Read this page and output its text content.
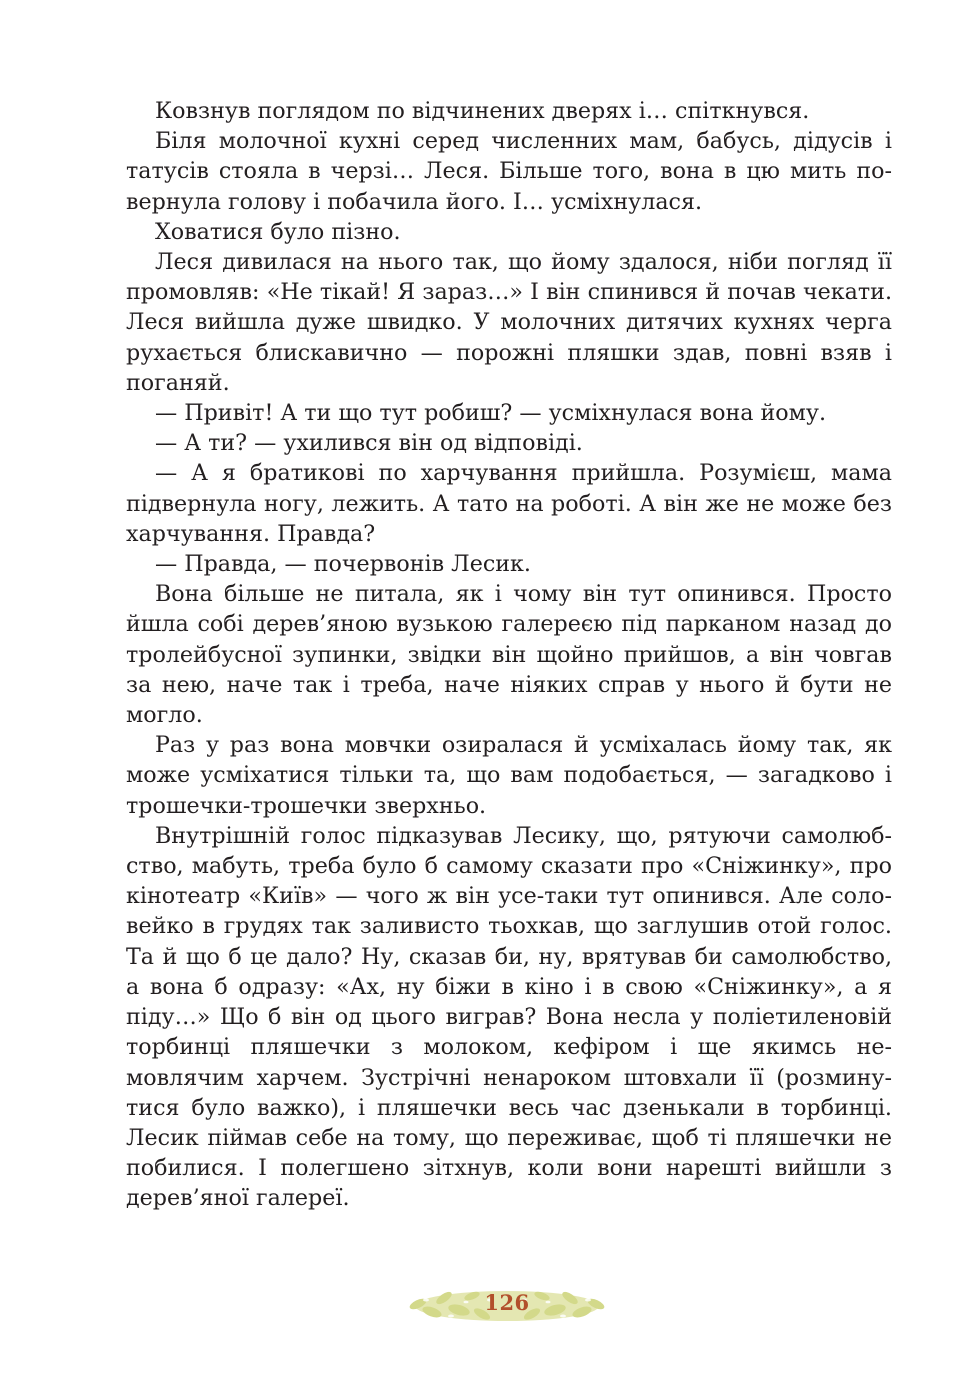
Ковзнув поглядом по відчинених дверях і… спіткнувся.

Біля молочної кухні серед численних мам, бабусь, дідусів і татусів стояла в черзі… Леся. Більше того, вона в цю мить повернула голову і побачила його. І… усміхнулася.

Ховатися було пізно.

Леся дивилася на нього так, що йому здалося, ніби погляд її промовляв: «Не тікай! Я зараз…» І він спинився й почав чекати. Леся вийшла дуже швидко. У молочних дитячих кухнях черга рухається блискавично — порожні пляшки здав, повні взяв і поганяй.

— Привіт! А ти що тут робиш? — усміхнулася вона йому.

— А ти? — ухилився він од відповіді.

— А я братикові по харчування прийшла. Розумієш, мама підвернула ногу, лежить. А тато на роботі. А він же не може без харчування. Правда?

— Правда, — почервонів Лесик.

Вона більше не питала, як і чому він тут опинився. Просто йшла собі дерев’яною вузькою галереєю під парканом назад до тролейбусної зупинки, звідки він щойно прийшов, а він човгав за нею, наче так і треба, наче ніяких справ у нього й бути не могло.

Раз у раз вона мовчки озиралася й усміхалась йому так, як може усміхатися тільки та, що вам подобається, — загадково і трошечки-трошечки зверхньо.

Внутрішній голос підказував Лесику, що, рятуючи самолюбство, мабуть, треба було б самому сказати про «Сніжинку», про кінотеатр «Київ» — чого ж він усе-таки тут опинився. Але соловейко в грудях так заливисто тьохкав, що заглушив отой голос. Та й що б це дало? Ну, сказав би, ну, врятував би самолюбство, а вона б одразу: «Ах, ну біжи в кіно і в свою «Сніжинку», а я піду…» Що б він од цього виграв? Вона несла у поліетиленовій торбинці пляшечки з молоком, кефіром і ще якимсь немовлячим харчем. Зустрічні ненароком штовхали її (розминутися було важко), і пляшечки весь час дзенькали в торбинці. Лесик піймав себе на тому, що переживає, щоб ті пляшечки не побилися. І полегшено зітхнув, коли вони нарешті вийшли з дерев’яної галереї.

126
